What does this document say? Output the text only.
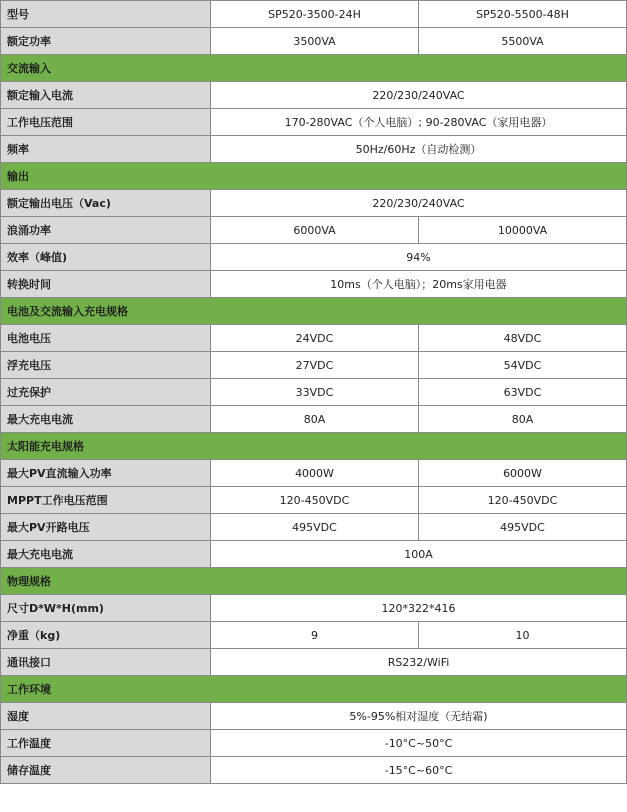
型号	SP520-3500-24H	SP520-5500-48H
额定功率	3500VA	5500VA
交流输入		
额定输入电流	220/230/240VAC	
工作电压范围	170-280VAC（个人电脑）; 90-280VAC（家用电器）	
频率	50Hz/60Hz（自动检测）	
输出		
额定输出电压（Vac)	220/230/240VAC	
浪涌功率	6000VA	10000VA
效率（峰值)	94%	
转换时间	10ms（个人电脑）；20ms家用电器	
电池及交流输入充电规格		
电池电压	24VDC	48VDC
浮充电压	27VDC	54VDC
过充保护	33VDC	63VDC
最大充电电流	80A	80A
太阳能充电规格		
最大PV直流输入功率	4000W	6000W
MPPT工作电压范围	120-450VDC	120-450VDC
最大PV开路电压	495VDC	495VDC
最大充电电流	100A	
物理规格		
尺寸D*W*H(mm)	120*322*416	
净重（kg)	9	10
通讯接口	RS232/WiFi	
工作环境		
湿度	5%-95%相对湿度（无结霜)	
工作温度	-10°C~50°C	
储存温度	-15°C~60°C	
